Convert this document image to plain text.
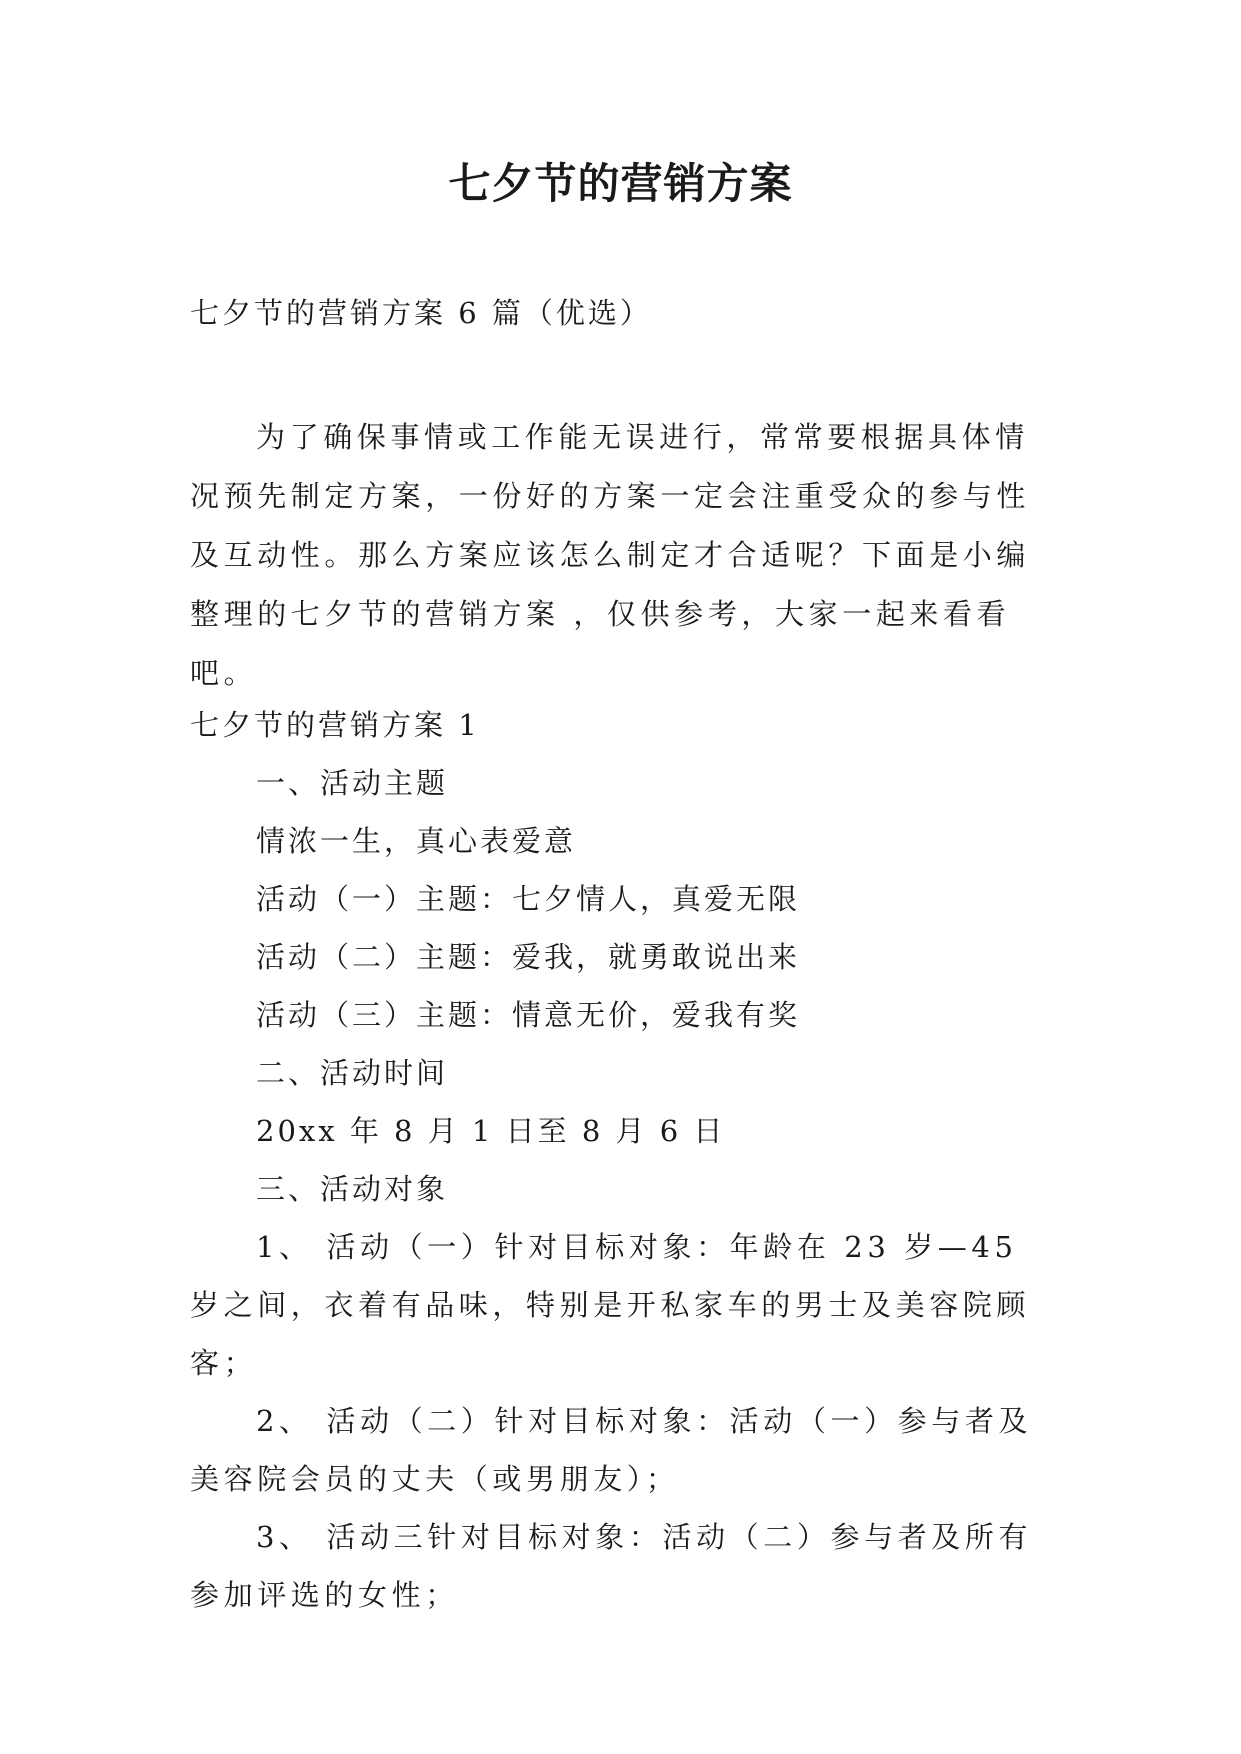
七夕节的营销方案
七夕节的营销方案 6 篇（优选）

为了确保事情或工作能无误进行，常常要根据具体情况预先制定方案，一份好的方案一定会注重受众的参与性及互动性。那么方案应该怎么制定才合适呢？下面是小编整理的七夕节的营销方案 ，仅供参考，大家一起来看看吧。

七夕节的营销方案 1

一、活动主题

情浓一生，真心表爱意

活动（一）主题：七夕情人，真爱无限

活动（二）主题：爱我，就勇敢说出来

活动（三）主题：情意无价，爱我有奖

二、活动时间

20xx 年 8 月 1 日至 8 月 6 日

三、活动对象

1、 活动（一）针对目标对象：年龄在 23 岁—45 岁之间，衣着有品味，特别是开私家车的男士及美容院顾客；

2、 活动（二）针对目标对象：活动（一）参与者及美容院会员的丈夫（或男朋友）；

3、 活动三针对目标对象：活动（二）参与者及所有参加评选的女性；
